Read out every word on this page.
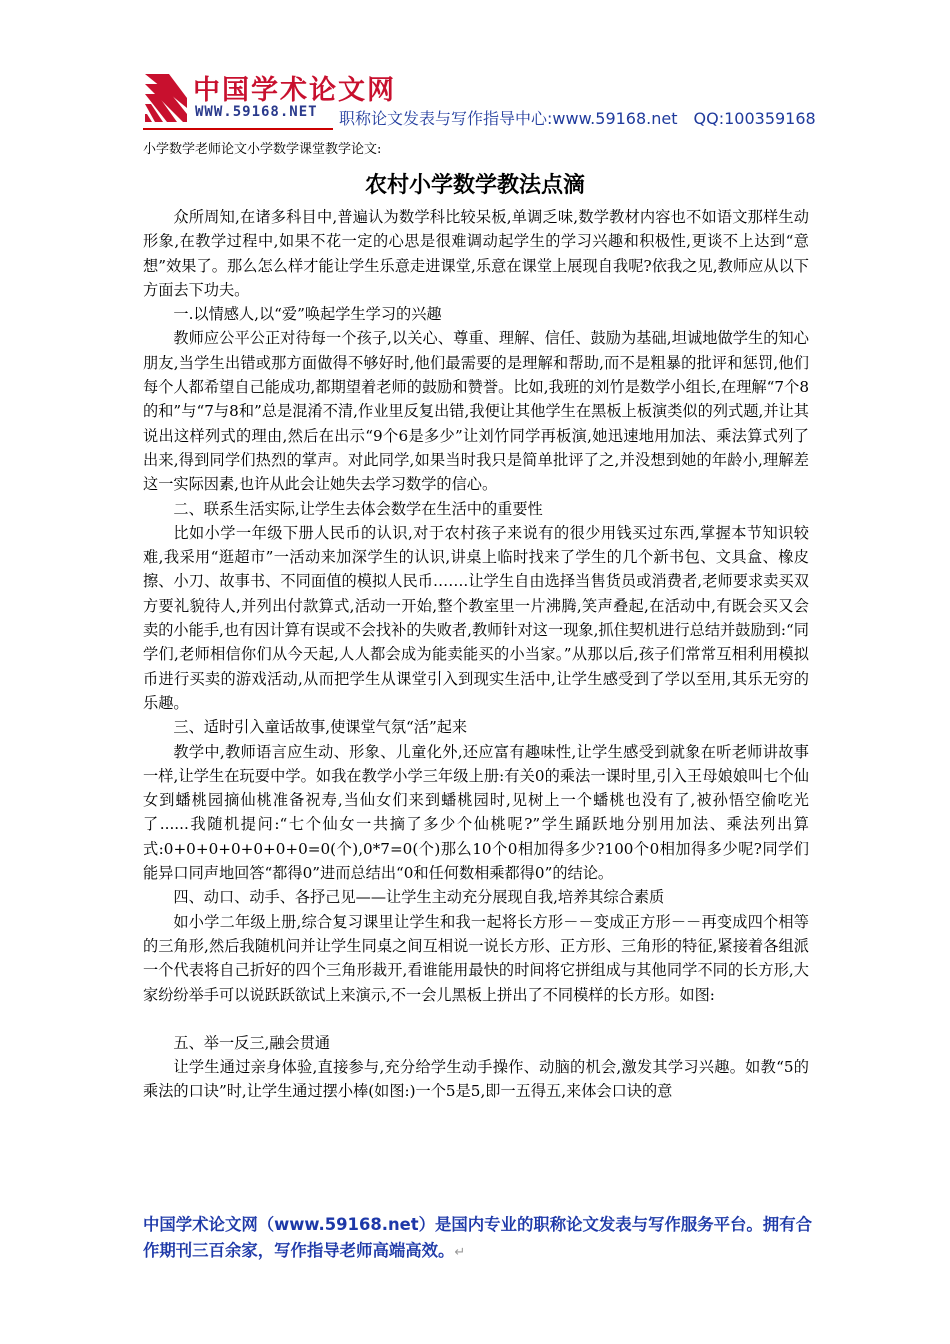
中国学术论文网
WWW.59168.NET 职称论文发表与写作指导中心:www.59168.net QQ:100359168
小学数学老师论文小学数学课堂教学论文:
农村小学数学教法点滴

众所周知,在诸多科目中,普遍认为数学科比较呆板,单调乏味,数学教材内容也不如语文那样生动形象,在教学过程中,如果不花一定的心思是很难调动起学生的学习兴趣和积极性,更谈不上达到“意想”效果了。那么怎么样才能让学生乐意走进课堂,乐意在课堂上展现自我呢?依我之见,教师应从以下方面去下功夫。

一.以情感人,以“爱”唤起学生学习的兴趣

教师应公平公正对待每一个孩子,以关心、尊重、理解、信任、鼓励为基础,坦诚地做学生的知心朋友,当学生出错或那方面做得不够好时,他们最需要的是理解和帮助,而不是粗暴的批评和惩罚,他们每个人都希望自己能成功,都期望着老师的鼓励和赞誉。比如,我班的刘竹是数学小组长,在理解“7个8的和”与“7与8和”总是混淆不清,作业里反复出错,我便让其他学生在黑板上板演类似的列式题,并让其说出这样列式的理由,然后在出示“9个6是多少”让刘竹同学再板演,她迅速地用加法、乘法算式列了出来,得到同学们热烈的掌声。对此同学,如果当时我只是简单批评了之,并没想到她的年龄小,理解差这一实际因素,也许从此会让她失去学习数学的信心。

二、联系生活实际,让学生去体会数学在生活中的重要性

比如小学一年级下册人民币的认识,对于农村孩子来说有的很少用钱买过东西,掌握本节知识较难,我采用“逛超市”一活动来加深学生的认识,讲桌上临时找来了学生的几个新书包、文具盒、橡皮擦、小刀、故事书、不同面值的模拟人民币…….让学生自由选择当售货员或消费者,老师要求卖买双方要礼貌待人,并列出付款算式,活动一开始,整个教室里一片沸腾,笑声叠起,在活动中,有既会买又会卖的小能手,也有因计算有误或不会找补的失败者,教师针对这一现象,抓住契机进行总结并鼓励到:“同学们,老师相信你们从今天起,人人都会成为能卖能买的小当家。”从那以后,孩子们常常互相利用模拟币进行买卖的游戏活动,从而把学生从课堂引入到现实生活中,让学生感受到了学以至用,其乐无穷的乐趣。

三、适时引入童话故事,使课堂气氛“活”起来

教学中,教师语言应生动、形象、儿童化外,还应富有趣味性,让学生感受到就象在听老师讲故事一样,让学生在玩耍中学。如我在教学小学三年级上册:有关0的乘法一课时里,引入王母娘娘叫七个仙女到蟠桃园摘仙桃准备祝寿,当仙女们来到蟠桃园时,见树上一个蟠桃也没有了,被孙悟空偷吃光了......我随机提问:“七个仙女一共摘了多少个仙桃呢?”学生踊跃地分别用加法、乘法列出算式:0+0+0+0+0+0+0=0(个),0*7=0(个)那么10个0相加得多少?100个0相加得多少呢?同学们能异口同声地回答“都得0”进而总结出“0和任何数相乘都得0”的结论。

四、动口、动手、各抒己见——让学生主动充分展现自我,培养其综合素质

如小学二年级上册,综合复习课里让学生和我一起将长方形－－变成正方形－－再变成四个相等的三角形,然后我随机问并让学生同桌之间互相说一说长方形、正方形、三角形的特征,紧接着各组派一个代表将自己折好的四个三角形裁开,看谁能用最快的时间将它拼组成与其他同学不同的长方形,大家纷纷举手可以说跃跃欲试上来演示,不一会儿黑板上拼出了不同模样的长方形。如图:

五、举一反三,融会贯通

让学生通过亲身体验,直接参与,充分给学生动手操作、动脑的机会,激发其学习兴趣。如教“5的乘法的口诀”时,让学生通过摆小棒(如图:)一个5是5,即一五得五,来体会口诀的意

中国学术论文网（www.59168.net）是国内专业的职称论文发表与写作服务平台。拥有合作期刊三百余家，写作指导老师高端高效。↵
